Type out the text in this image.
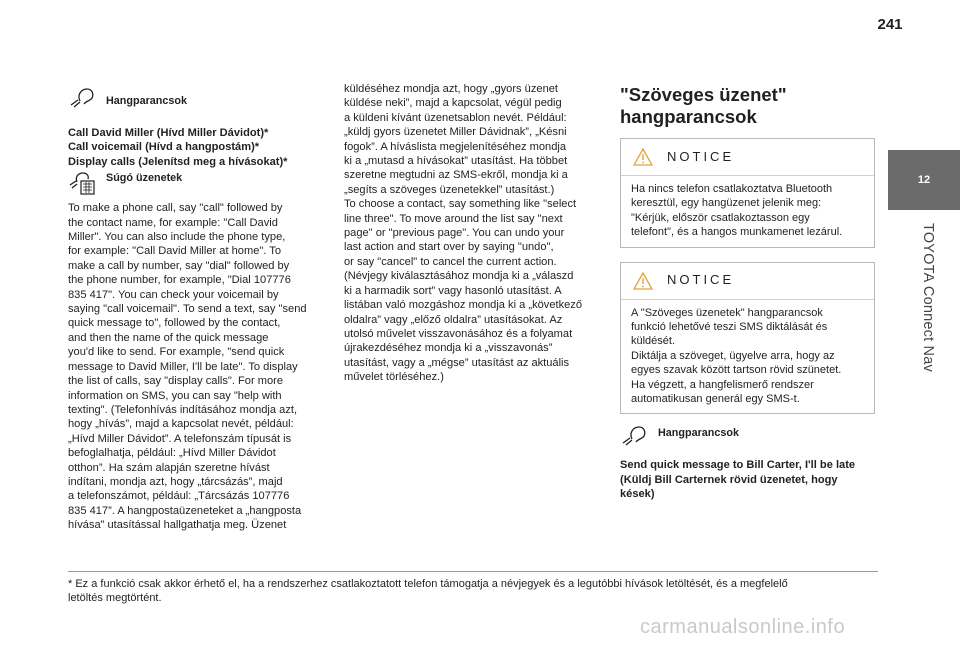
241
12
TOYOTA Connect Nav
Hangparancsok

Call David Miller (Hívd Miller Dávidot)*
Call voicemail (Hívd a hangpostám)*
Display calls (Jelenítsd meg a hívásokat)*

Súgó üzenetek

To make a phone call, say "call" followed by
the contact name, for example: "Call David
Miller". You can also include the phone type,
for example: "Call David Miller at home". To
make a call by number, say "dial" followed by
the phone number, for example, "Dial 107776
835 417". You can check your voicemail by
saying "call voicemail". To send a text, say "send
quick message to", followed by the contact,
and then the name of the quick message
you'd like to send. For example, "send quick
message to David Miller, I'll be late". To display
the list of calls, say "display calls". For more
information on SMS, you can say "help with
texting". (Telefonhívás indításához mondja azt,
hogy „hívás”, majd a kapcsolat nevét, például:
„Hívd Miller Dávidot”. A telefonszám típusát is
befoglalhatja, például: „Hívd Miller Dávidot
otthon”. Ha szám alapján szeretne hívást
indítani, mondja azt, hogy „tárcsázás”, majd
a telefonszámot, például: „Tárcsázás 107776
835 417”. A hangpostaüzeneteket a „hangposta
hívása” utasítással hallgathatja meg. Üzenet

küldéséhez mondja azt, hogy „gyors üzenet
küldése neki”, majd a kapcsolat, végül pedig
a küldeni kívánt üzenetsablon nevét. Például:
„küldj gyors üzenetet Miller Dávidnak”, „Késni
fogok”. A híváslista megjelenítéséhez mondja
ki a „mutasd a hívásokat” utasítást. Ha többet
szeretne megtudni az SMS-ekről, mondja ki a
„segíts a szöveges üzenetekkel” utasítást.)
To choose a contact, say something like "select
line three". To move around the list say "next
page" or "previous page". You can undo your
last action and start over by saying "undo",
or say "cancel" to cancel the current action.
(Névjegy kiválasztásához mondja ki a „válaszd
ki a harmadik sort” vagy hasonló utasítást. A
listában való mozgáshoz mondja ki a „következő
oldalra” vagy „előző oldalra” utasításokat. Az
utolsó művelet visszavonásához és a folyamat
újrakezdéséhez mondja ki a „visszavonás”
utasítást, vagy a „mégse” utasítást az aktuális
művelet törléséhez.)

"Szöveges üzenet"
hangparancsok
NOTICE
Ha nincs telefon csatlakoztatva Bluetooth
keresztül, egy hangüzenet jelenik meg:
"Kérjük, először csatlakoztasson egy
telefont", és a hangos munkamenet lezárul.
NOTICE
A "Szöveges üzenetek" hangparancsok
funkció lehetővé teszi SMS diktálását és
küldését.
Diktálja a szöveget, ügyelve arra, hogy az
egyes szavak között tartson rövid szünetet.
Ha végzett, a hangfelismerő rendszer
automatikusan generál egy SMS-t.
Hangparancsok

Send quick message to Bill Carter, I'll be late
(Küldj Bill Carternek rövid üzenetet, hogy
kések)

* Ez a funkció csak akkor érhető el, ha a rendszerhez csatlakoztatott telefon támogatja a névjegyek és a legutóbbi hívások letöltését, és a megfelelő
letöltés megtörtént.
carmanualsonline.info
